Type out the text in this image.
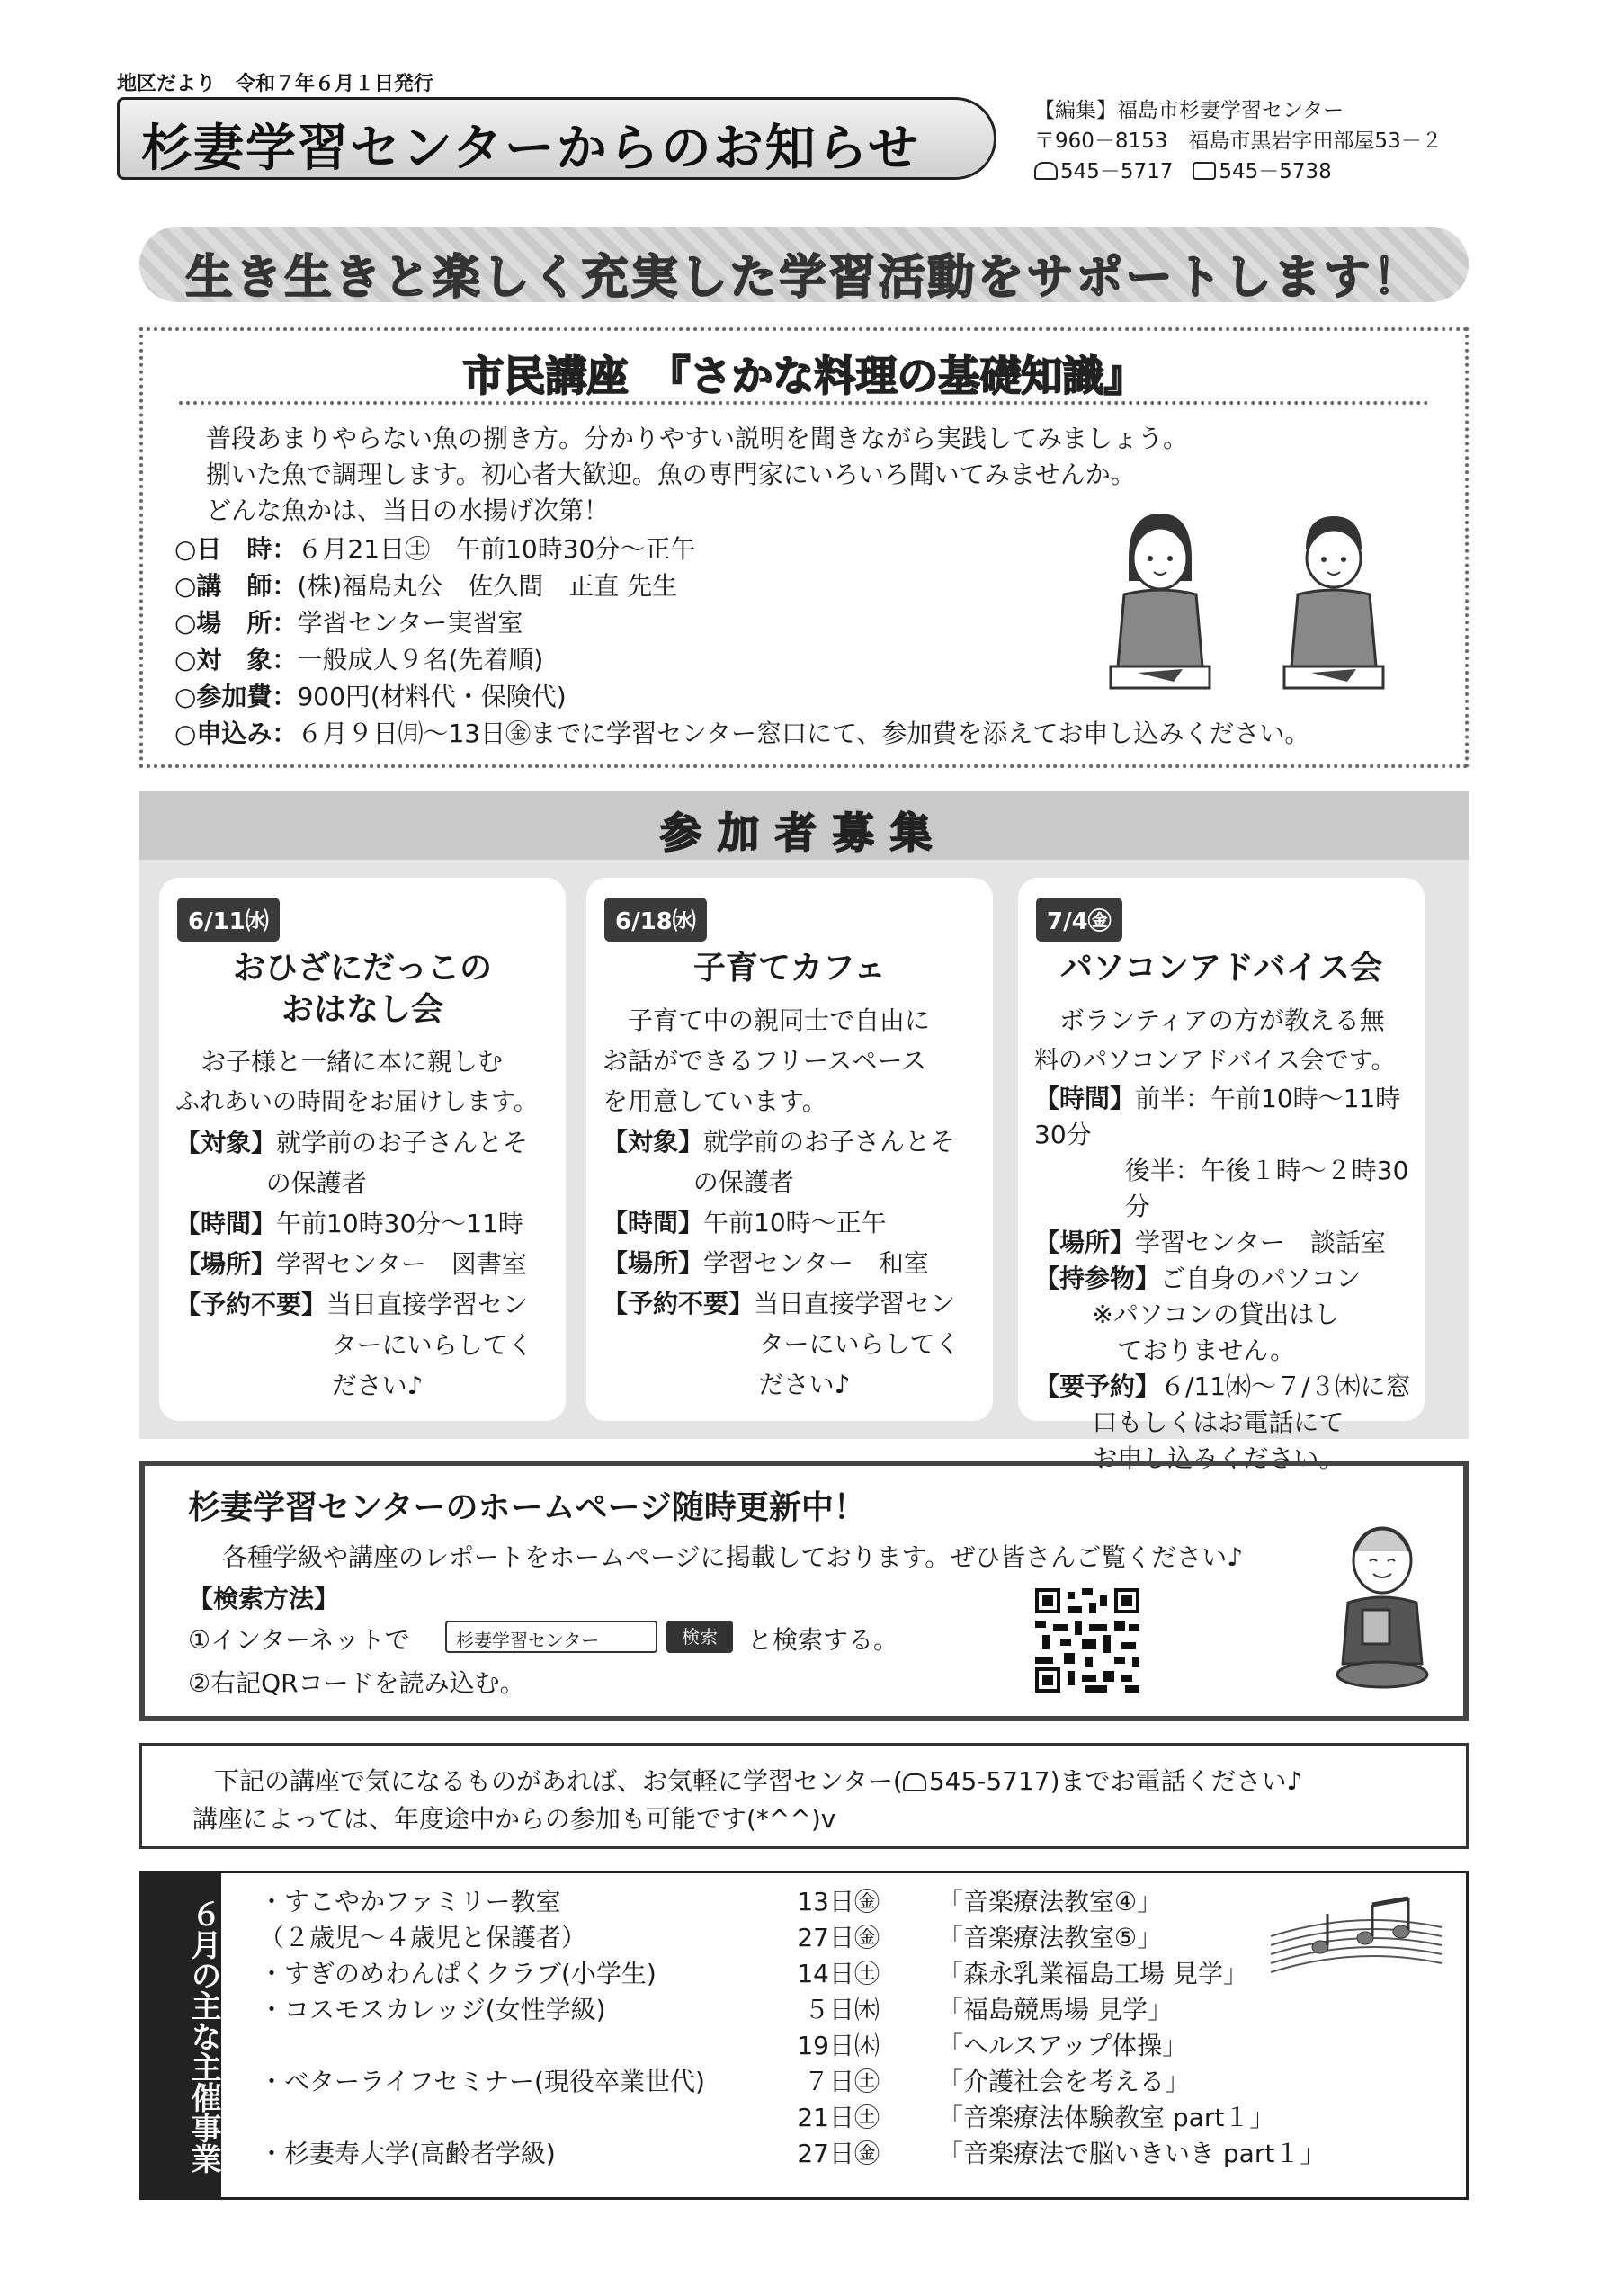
地区だより　令和７年６月１日発行
杉妻学習センターからのお知らせ
【編集】福島市杉妻学習センター
〒960－8153　福島市黒岩字田部屋53－２
545－5717 545－5738
生き生きと楽しく充実した学習活動をサポートします！
市民講座　『さかな料理の基礎知識』
普段あまりやらない魚の捌き方。分かりやすい説明を聞きながら実践してみましょう。
捌いた魚で調理します。初心者大歓迎。魚の専門家にいろいろ聞いてみませんか。
どんな魚かは、当日の水揚げ次第！
○日　時：６月21日㊏　午前10時30分～正午
○講　師：(株)福島丸公　佐久間　正直 先生
○場　所：学習センター実習室
○対　象：一般成人９名(先着順)
○参加費：900円(材料代・保険代)
○申込み：６月９日㈪～13日㊎までに学習センター窓口にて、参加費を添えてお申し込みください。
参加者募集
6/11㈬
おひざにだっこの
おはなし会
お子様と一緒に本に親しむ
ふれあいの時間をお届けします。
【対象】就学前のお子さんとそ
の保護者
【時間】午前10時30分～11時
【場所】学習センター　図書室
【予約不要】当日直接学習セン
ターにいらしてく
ださい♪
6/18㈬
子育てカフェ
子育て中の親同士で自由に
お話ができるフリースペース
を用意しています。
【対象】就学前のお子さんとそ
の保護者
【時間】午前10時～正午
【場所】学習センター　和室
【予約不要】当日直接学習セン
ターにいらしてく
ださい♪
7/4㊎
パソコンアドバイス会
ボランティアの方が教える無
料のパソコンアドバイス会です。
【時間】前半：午前10時～11時30分
後半：午後１時～２時30分
【場所】学習センター　談話室
【持参物】ご自身のパソコン
※パソコンの貸出はし
ておりません。
【要予約】６/11㈬～７/３㈭に窓
口もしくはお電話にて
お申し込みください。
杉妻学習センターのホームページ随時更新中！
各種学級や講座のレポートをホームページに掲載しております。ぜひ皆さんご覧ください♪
【検索方法】
①インターネットで	杉妻学習センター	検索	と検索する。
②右記QRコードを読み込む。
下記の講座で気になるものがあれば、お気軽に学習センター( 545-5717)までお電話ください♪
講座によっては、年度途中からの参加も可能です(*^^)v
６月の主な主催事業 ・すこやかファミリー教室	13日㊎ 「音楽療法教室④」
（２歳児～４歳児と保護者）	27日㊎ 「音楽療法教室⑤」
・すぎのめわんぱくクラブ(小学生)	14日㊏ 「森永乳業福島工場 見学」
・コスモスカレッジ(女性学級)	５日㈭ 「福島競馬場 見学」
19日㈭ 「ヘルスアップ体操」
・ベターライフセミナー(現役卒業世代)	７日㊏ 「介護社会を考える」
21日㊏ 「音楽療法体験教室 part１」
・杉妻寿大学(高齢者学級)	27日㊎ 「音楽療法で脳いきいき part１」
